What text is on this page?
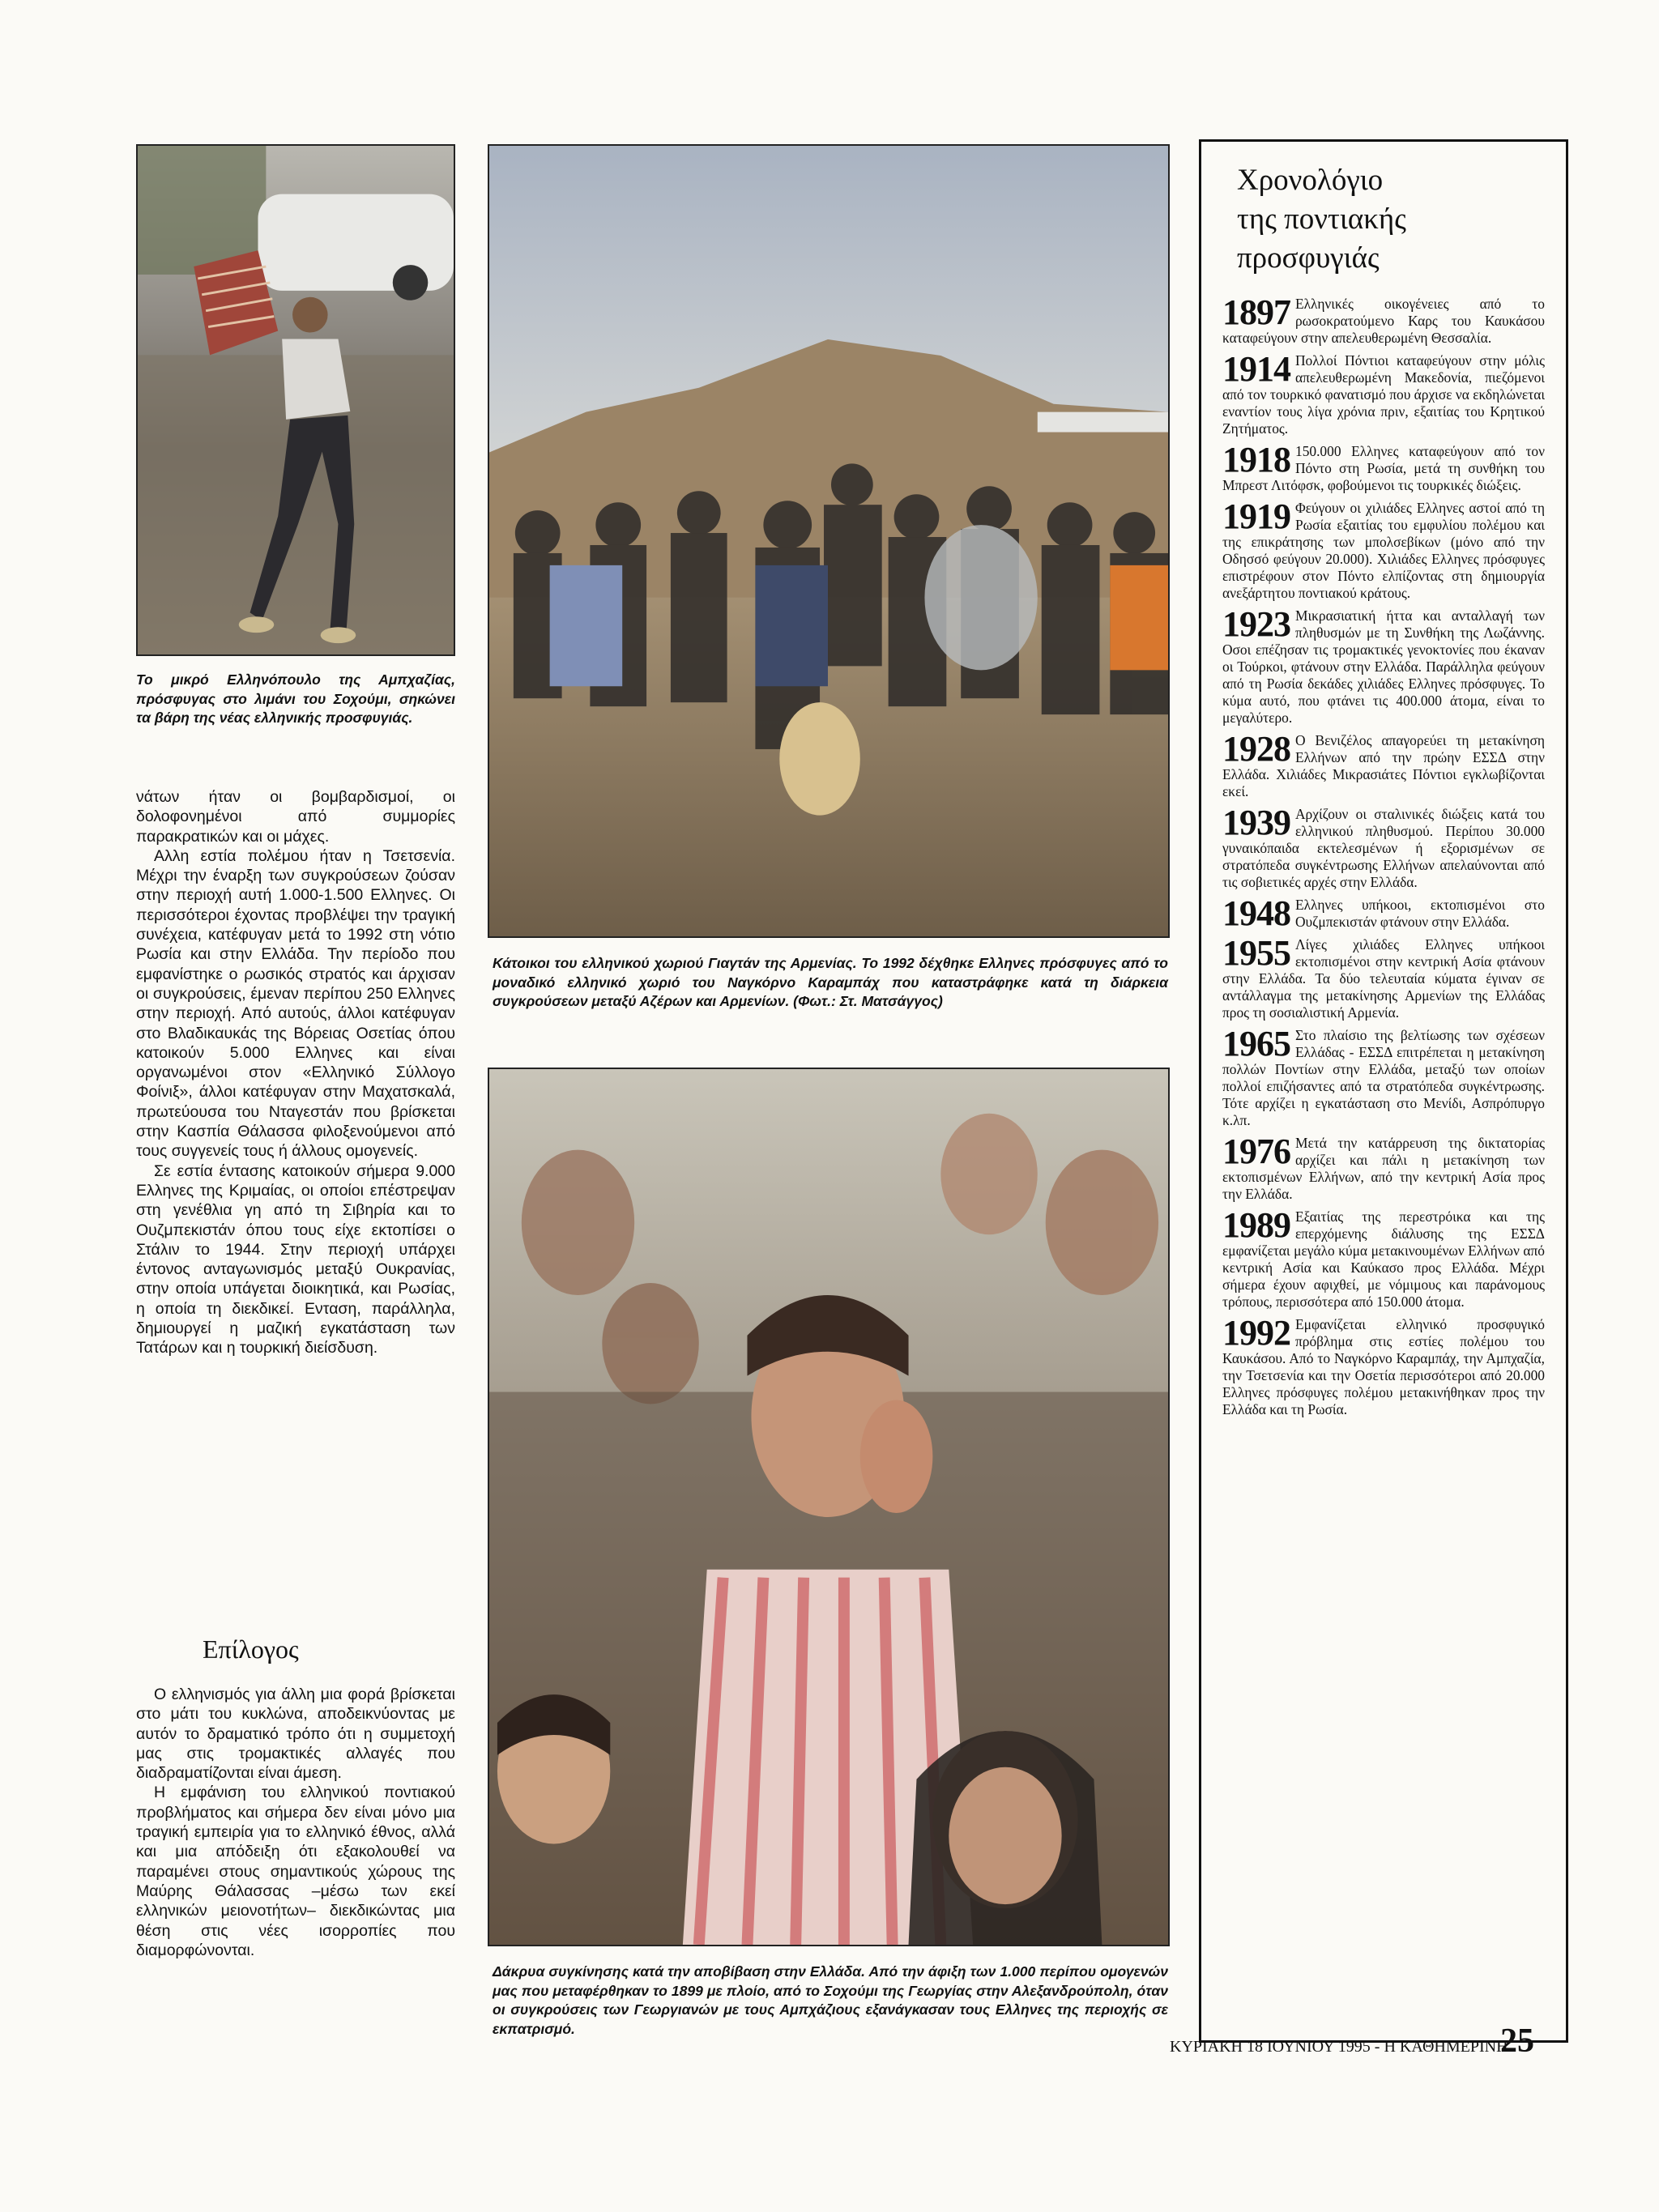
Το μικρό Ελληνόπουλο της Αμπχαζίας, πρόσφυγας στο λιμάνι του Σοχούμι, σηκώνει τα βάρη της νέας ελληνικής προσφυγιάς.
Κάτοικοι του ελληνικού χωριού Γιαγτάν της Αρμενίας. Το 1992 δέχθηκε Ελληνες πρόσφυγες από το μοναδικό ελληνικό χωριό του Ναγκόρνο Καραμπάχ που καταστράφηκε κατά τη διάρκεια συγκρούσεων μεταξύ Αζέρων και Αρμενίων. (Φωτ.: Στ. Ματσάγγος)
Δάκρυα συγκίνησης κατά την αποβίβαση στην Ελλάδα. Από την άφιξη των 1.000 περίπου ομογενών μας που μεταφέρθηκαν το 1899 με πλοίο, από το Σοχούμι της Γεωργίας στην Αλεξανδρούπολη, όταν οι συγκρούσεις των Γεωργιανών με τους Αμπχάζιους εξανάγκασαν τους Ελληνες της περιοχής σε εκπατρισμό.

νάτων ήταν οι βομβαρδισμοί, οι δολοφονημένοι από συμμορίες παρακρατικών και οι μάχες.

Αλλη εστία πολέμου ήταν η Τσετσενία. Μέχρι την έναρξη των συγκρούσεων ζούσαν στην περιοχή αυτή 1.000-1.500 Ελληνες. Οι περισσότεροι έχοντας προβλέψει την τραγική συνέχεια, κατέφυγαν μετά το 1992 στη νότιο Ρωσία και στην Ελλάδα. Την περίοδο που εμφανίστηκε ο ρωσικός στρατός και άρχισαν οι συγκρούσεις, έμεναν περίπου 250 Ελληνες στην περιοχή. Από αυτούς, άλλοι κατέφυγαν στο Βλαδικαυκάς της Βόρειας Οσετίας όπου κατοικούν 5.000 Ελληνες και είναι οργανωμένοι στον «Ελληνικό Σύλλογο Φοίνιξ», άλλοι κατέφυγαν στην Μαχατσκαλά, πρωτεύουσα του Νταγεστάν που βρίσκεται στην Κασπία Θάλασσα φιλοξενούμενοι από τους συγγενείς τους ή άλλους ομογενείς.

Σε εστία έντασης κατοικούν σήμερα 9.000 Ελληνες της Κριμαίας, οι οποίοι επέστρεψαν στη γενέθλια γη από τη Σιβηρία και το Ουζμπεκιστάν όπου τους είχε εκτοπίσει ο Στάλιν το 1944. Στην περιοχή υπάρχει έντονος ανταγωνισμός μεταξύ Ουκρανίας, στην οποία υπάγεται διοικητικά, και Ρωσίας, η οποία τη διεκδικεί. Ενταση, παράλληλα, δημιουργεί η μαζική εγκατάσταση των Τατάρων και η τουρκική διείσδυση.

Επίλογος

Ο ελληνισμός για άλλη μια φορά βρίσκεται στο μάτι του κυκλώνα, αποδεικνύοντας με αυτόν το δραματικό τρόπο ότι η συμμετοχή μας στις τρομακτικές αλλαγές που διαδραματίζονται είναι άμεση.

Η εμφάνιση του ελληνικού ποντιακού προβλήματος και σήμερα δεν είναι μόνο μια τραγική εμπειρία για το ελληνικό έθνος, αλλά και μια απόδειξη ότι εξακολουθεί να παραμένει στους σημαντικούς χώρους της Μαύρης Θάλασσας –μέσω των εκεί ελληνικών μειονοτήτων– διεκδικώντας μια θέση στις νέες ισορροπίες που διαμορφώνονται.

Χρονολόγιο

της ποντιακής προσφυγιάς

1897 Ελληνικές οικογένειες από το ρωσοκρατούμενο Καρς του Καυκάσου καταφεύγουν στην απελευθερωμένη Θεσσαλία.

1914 Πολλοί Πόντιοι καταφεύγουν στην μόλις απελευθερωμένη Μακεδονία, πιεζόμενοι από τον τουρκικό φανατισμό που άρχισε να εκδηλώνεται εναντίον τους λίγα χρόνια πριν, εξαιτίας του Κρητικού Ζητήματος.

1918 150.000 Ελληνες καταφεύγουν από τον Πόντο στη Ρωσία, μετά τη συνθήκη του Μπρεστ Λιτόφσκ, φοβούμενοι τις τουρκικές διώξεις.

1919 Φεύγουν οι χιλιάδες Ελληνες αστοί από τη Ρωσία εξαιτίας του εμφυλίου πολέμου και της επικράτησης των μπολσεβίκων (μόνο από την Οδησσό φεύγουν 20.000). Χιλιάδες Ελληνες πρόσφυγες επιστρέφουν στον Πόντο ελπίζοντας στη δημιουργία ανεξάρτητου ποντιακού κράτους.

1923 Μικρασιατική ήττα και ανταλλαγή των πληθυσμών με τη Συνθήκη της Λωζάννης. Οσοι επέζησαν τις τρομακτικές γενοκτονίες που έκαναν οι Τούρκοι, φτάνουν στην Ελλάδα. Παράλληλα φεύγουν από τη Ρωσία δεκάδες χιλιάδες Ελληνες πρόσφυγες. Το κύμα αυτό, που φτάνει τις 400.000 άτομα, είναι το μεγαλύτερο.

1928 Ο Βενιζέλος απαγορεύει τη μετακίνηση Ελλήνων από την πρώην ΕΣΣΔ στην Ελλάδα. Χιλιάδες Μικρασιάτες Πόντιοι εγκλωβίζονται εκεί.

1939 Αρχίζουν οι σταλινικές διώξεις κατά του ελληνικού πληθυσμού. Περίπου 30.000 γυναικόπαιδα εκτελεσμένων ή εξορισμένων σε στρατόπεδα συγκέντρωσης Ελλήνων απελαύνονται από τις σοβιετικές αρχές στην Ελλάδα.

1948 Ελληνες υπήκοοι, εκτοπισμένοι στο Ουζμπεκιστάν φτάνουν στην Ελλάδα.

1955 Λίγες χιλιάδες Ελληνες υπήκοοι εκτοπισμένοι στην κεντρική Ασία φτάνουν στην Ελλάδα. Τα δύο τελευταία κύματα έγιναν σε αντάλλαγμα της μετακίνησης Αρμενίων της Ελλάδας προς τη σοσιαλιστική Αρμενία.

1965 Στο πλαίσιο της βελτίωσης των σχέσεων Ελλάδας - ΕΣΣΔ επιτρέπεται η μετακίνηση πολλών Ποντίων στην Ελλάδα, μεταξύ των οποίων πολλοί επιζήσαντες από τα στρατόπεδα συγκέντρωσης. Τότε αρχίζει η εγκατάσταση στο Μενίδι, Ασπρόπυργο κ.λπ.

1976 Μετά την κατάρρευση της δικτατορίας αρχίζει και πάλι η μετακίνηση των εκτοπισμένων Ελλήνων, από την κεντρική Ασία προς την Ελλάδα.

1989 Εξαιτίας της περεστρόικα και της επερχόμενης διάλυσης της ΕΣΣΔ εμφανίζεται μεγάλο κύμα μετακινουμένων Ελλήνων από κεντρική Ασία και Καύκασο προς Ελλάδα. Μέχρι σήμερα έχουν αφιχθεί, με νόμιμους και παράνομους τρόπους, περισσότερα από 150.000 άτομα.

1992 Εμφανίζεται ελληνικό προσφυγικό πρόβλημα στις εστίες πολέμου του Καυκάσου. Από το Ναγκόρνο Καραμπάχ, την Αμπχαζία, την Τσετσενία και την Οσετία περισσότεροι από 20.000 Ελληνες πρόσφυγες πολέμου μετακινήθηκαν προς την Ελλάδα και τη Ρωσία.

ΚΥΡΙΑΚΗ 18 ΙΟΥΝΙΟΥ 1995 - Η ΚΑΘΗΜΕΡΙΝΗ
25
